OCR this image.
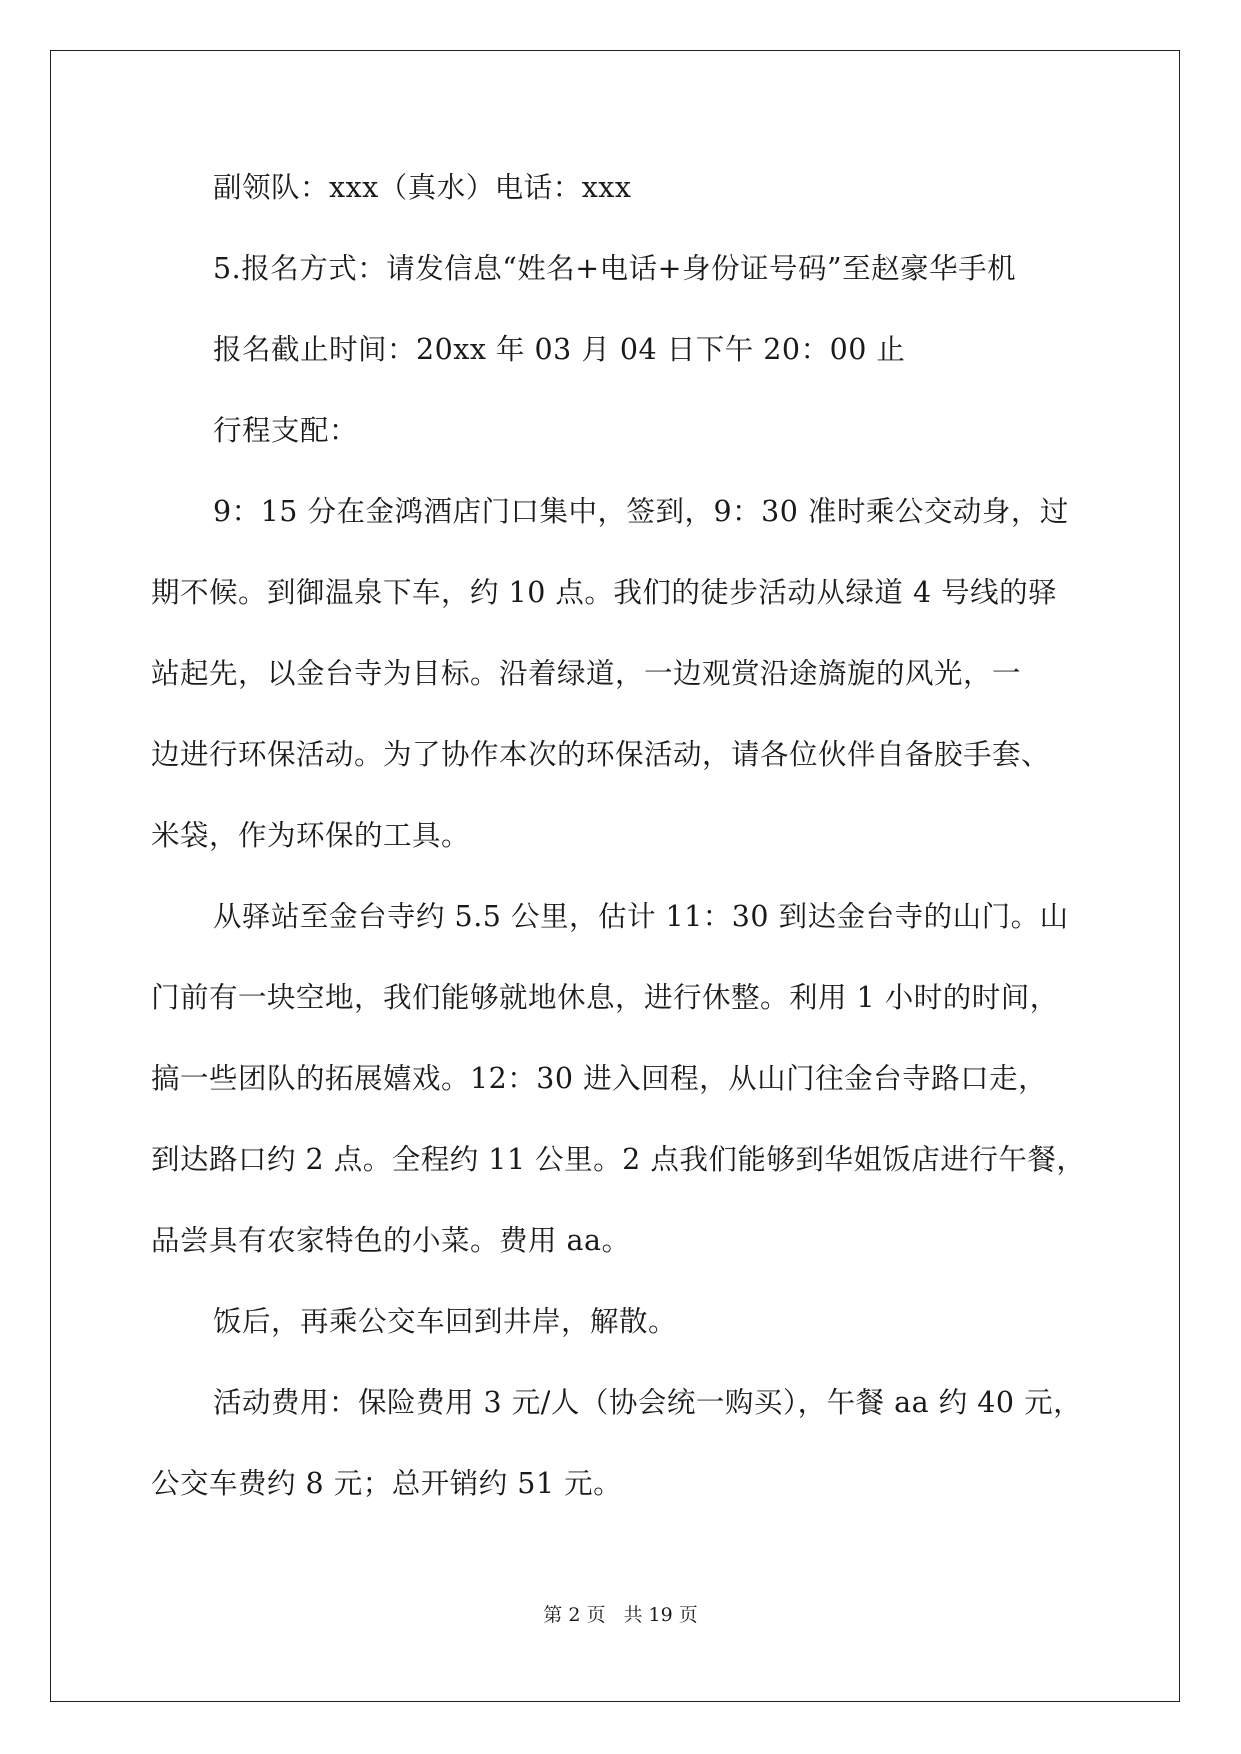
副领队：xxx（真水）电话：xxx
5.报名方式：请发信息“姓名+电话+身份证号码”至赵豪华手机
报名截止时间：20xx 年 03 月 04 日下午 20：00 止
行程支配：
9：15 分在金鸿酒店门口集中，签到，9：30 准时乘公交动身，过
期不候。到御温泉下车，约 10 点。我们的徒步活动从绿道 4 号线的驿
站起先，以金台寺为目标。沿着绿道，一边观赏沿途旖旎的风光，一
边进行环保活动。为了协作本次的环保活动，请各位伙伴自备胶手套、
米袋，作为环保的工具。
从驿站至金台寺约 5.5 公里，估计 11：30 到达金台寺的山门。山
门前有一块空地，我们能够就地休息，进行休整。利用 1 小时的时间，
搞一些团队的拓展嬉戏。12：30 进入回程，从山门往金台寺路口走，
到达路口约 2 点。全程约 11 公里。2 点我们能够到华姐饭店进行午餐，
品尝具有农家特色的小菜。费用 aa。
饭后，再乘公交车回到井岸，解散。
活动费用：保险费用 3 元/人（协会统一购买），午餐 aa 约 40 元，
公交车费约 8 元；总开销约 51 元。
第 2 页 共 19 页
